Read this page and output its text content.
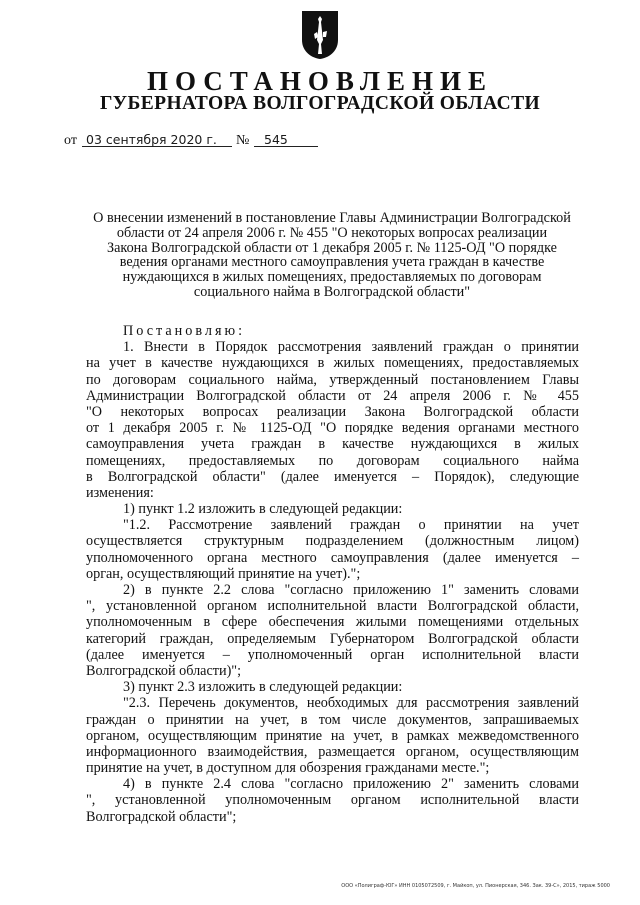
ПОСТАНОВЛЕНИЕ
ГУБЕРНАТОРА ВОЛГОГРАДСКОЙ ОБЛАСТИ
от 03 сентября 2020 г. № 545
О внесении изменений в постановление Главы Администрации Волгоградской
области от 24 апреля 2006 г. № 455 "О некоторых вопросах реализации
Закона Волгоградской области от 1 декабря 2005 г. № 1125-ОД "О порядке
ведения органами местного самоуправления учета граждан в качестве
нуждающихся в жилых помещениях, предоставляемых по договорам
социального найма в Волгоградской области"
Постановляю:
1. Внести в Порядок рассмотрения заявлений граждан о принятии
на учет в качестве нуждающихся в жилых помещениях, предоставляемых
по договорам социального найма, утвержденный постановлением Главы
Администрации Волгоградской области от 24 апреля 2006 г. № 455
"О некоторых вопросах реализации Закона Волгоградской области
от 1 декабря 2005 г. № 1125-ОД "О порядке ведения органами местного
самоуправления учета граждан в качестве нуждающихся в жилых
помещениях, предоставляемых по договорам социального найма
в Волгоградской области" (далее именуется – Порядок), следующие
изменения:
1) пункт 1.2 изложить в следующей редакции:
"1.2. Рассмотрение заявлений граждан о принятии на учет
осуществляется структурным подразделением (должностным лицом)
уполномоченного органа местного самоуправления (далее именуется –
орган, осуществляющий принятие на учет).";
2) в пункте 2.2 слова "согласно приложению 1" заменить словами
", установленной органом исполнительной власти Волгоградской области,
уполномоченным в сфере обеспечения жилыми помещениями отдельных
категорий граждан, определяемым Губернатором Волгоградской области
(далее именуется – уполномоченный орган исполнительной власти
Волгоградской области)";
3) пункт 2.3 изложить в следующей редакции:
"2.3. Перечень документов, необходимых для рассмотрения заявлений
граждан о принятии на учет, в том числе документов, запрашиваемых
органом, осуществляющим принятие на учет, в рамках межведомственного
информационного взаимодействия, размещается органом, осуществляющим
принятие на учет, в доступном для обозрения гражданами месте.";
4) в пункте 2.4 слова "согласно приложению 2" заменить словами
", установленной уполномоченным органом исполнительной власти
Волгоградской области";
ООО «Полиграф-ЮГ» ИНН 0105072509, г. Майкоп, ул. Пионерская, 346. Зак. 39-С», 2015, тираж 5000
